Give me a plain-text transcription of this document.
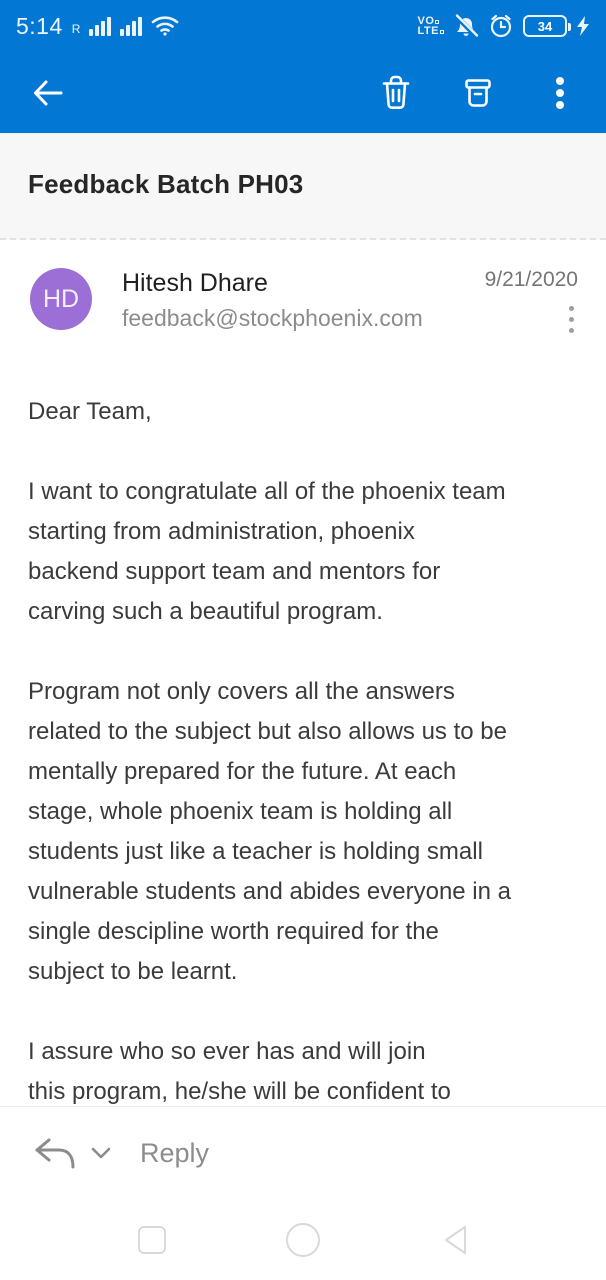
5:14 R
VO
LTE	34
Feedback Batch PH03
HD

Hitesh Dhare

feedback@stockphoenix.com

9/21/2020

Dear Team,

I want to congratulate all of the phoenix team
starting from administration, phoenix
backend support team and mentors for
carving such a beautiful program.

Program not only covers all the answers
related to the subject but also allows us to be
mentally prepared for the future. At each
stage, whole phoenix team is holding all
students just like a teacher is holding small
vulnerable students and abides everyone in a
single descipline worth required for the
subject to be learnt.

I assure who so ever has and will join
this program, he/she will be confident to

Reply
